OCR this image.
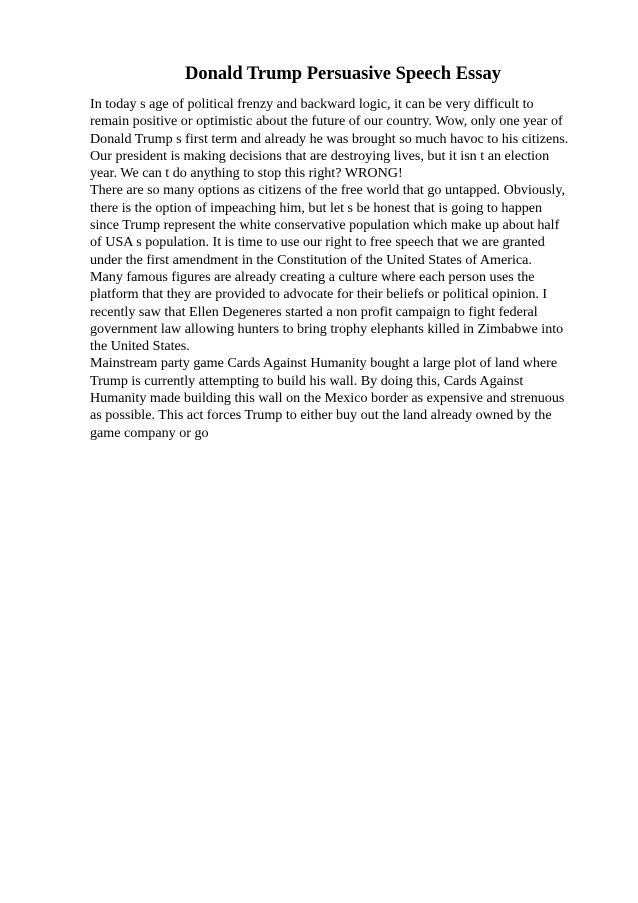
Donald Trump Persuasive Speech Essay
In today s age of political frenzy and backward logic, it can be very difficult to
remain positive or optimistic about the future of our country. Wow, only one year of
Donald Trump s first term and already he was brought so much havoc to his citizens.
Our president is making decisions that are destroying lives, but it isn t an election
year. We can t do anything to stop this right? WRONG!
There are so many options as citizens of the free world that go untapped. Obviously,
there is the option of impeaching him, but let s be honest that is going to happen
since Trump represent the white conservative population which make up about half
of USA s population. It is time to use our right to free speech that we are granted
under the first amendment in the Constitution of the United States of America.
Many famous figures are already creating a culture where each person uses the
platform that they are provided to advocate for their beliefs or political opinion. I
recently saw that Ellen Degeneres started a non profit campaign to fight federal
government law allowing hunters to bring trophy elephants killed in Zimbabwe into
the United States.
Mainstream party game Cards Against Humanity bought a large plot of land where
Trump is currently attempting to build his wall. By doing this, Cards Against
Humanity made building this wall on the Mexico border as expensive and strenuous
as possible. This act forces Trump to either buy out the land already owned by the
game company or go
